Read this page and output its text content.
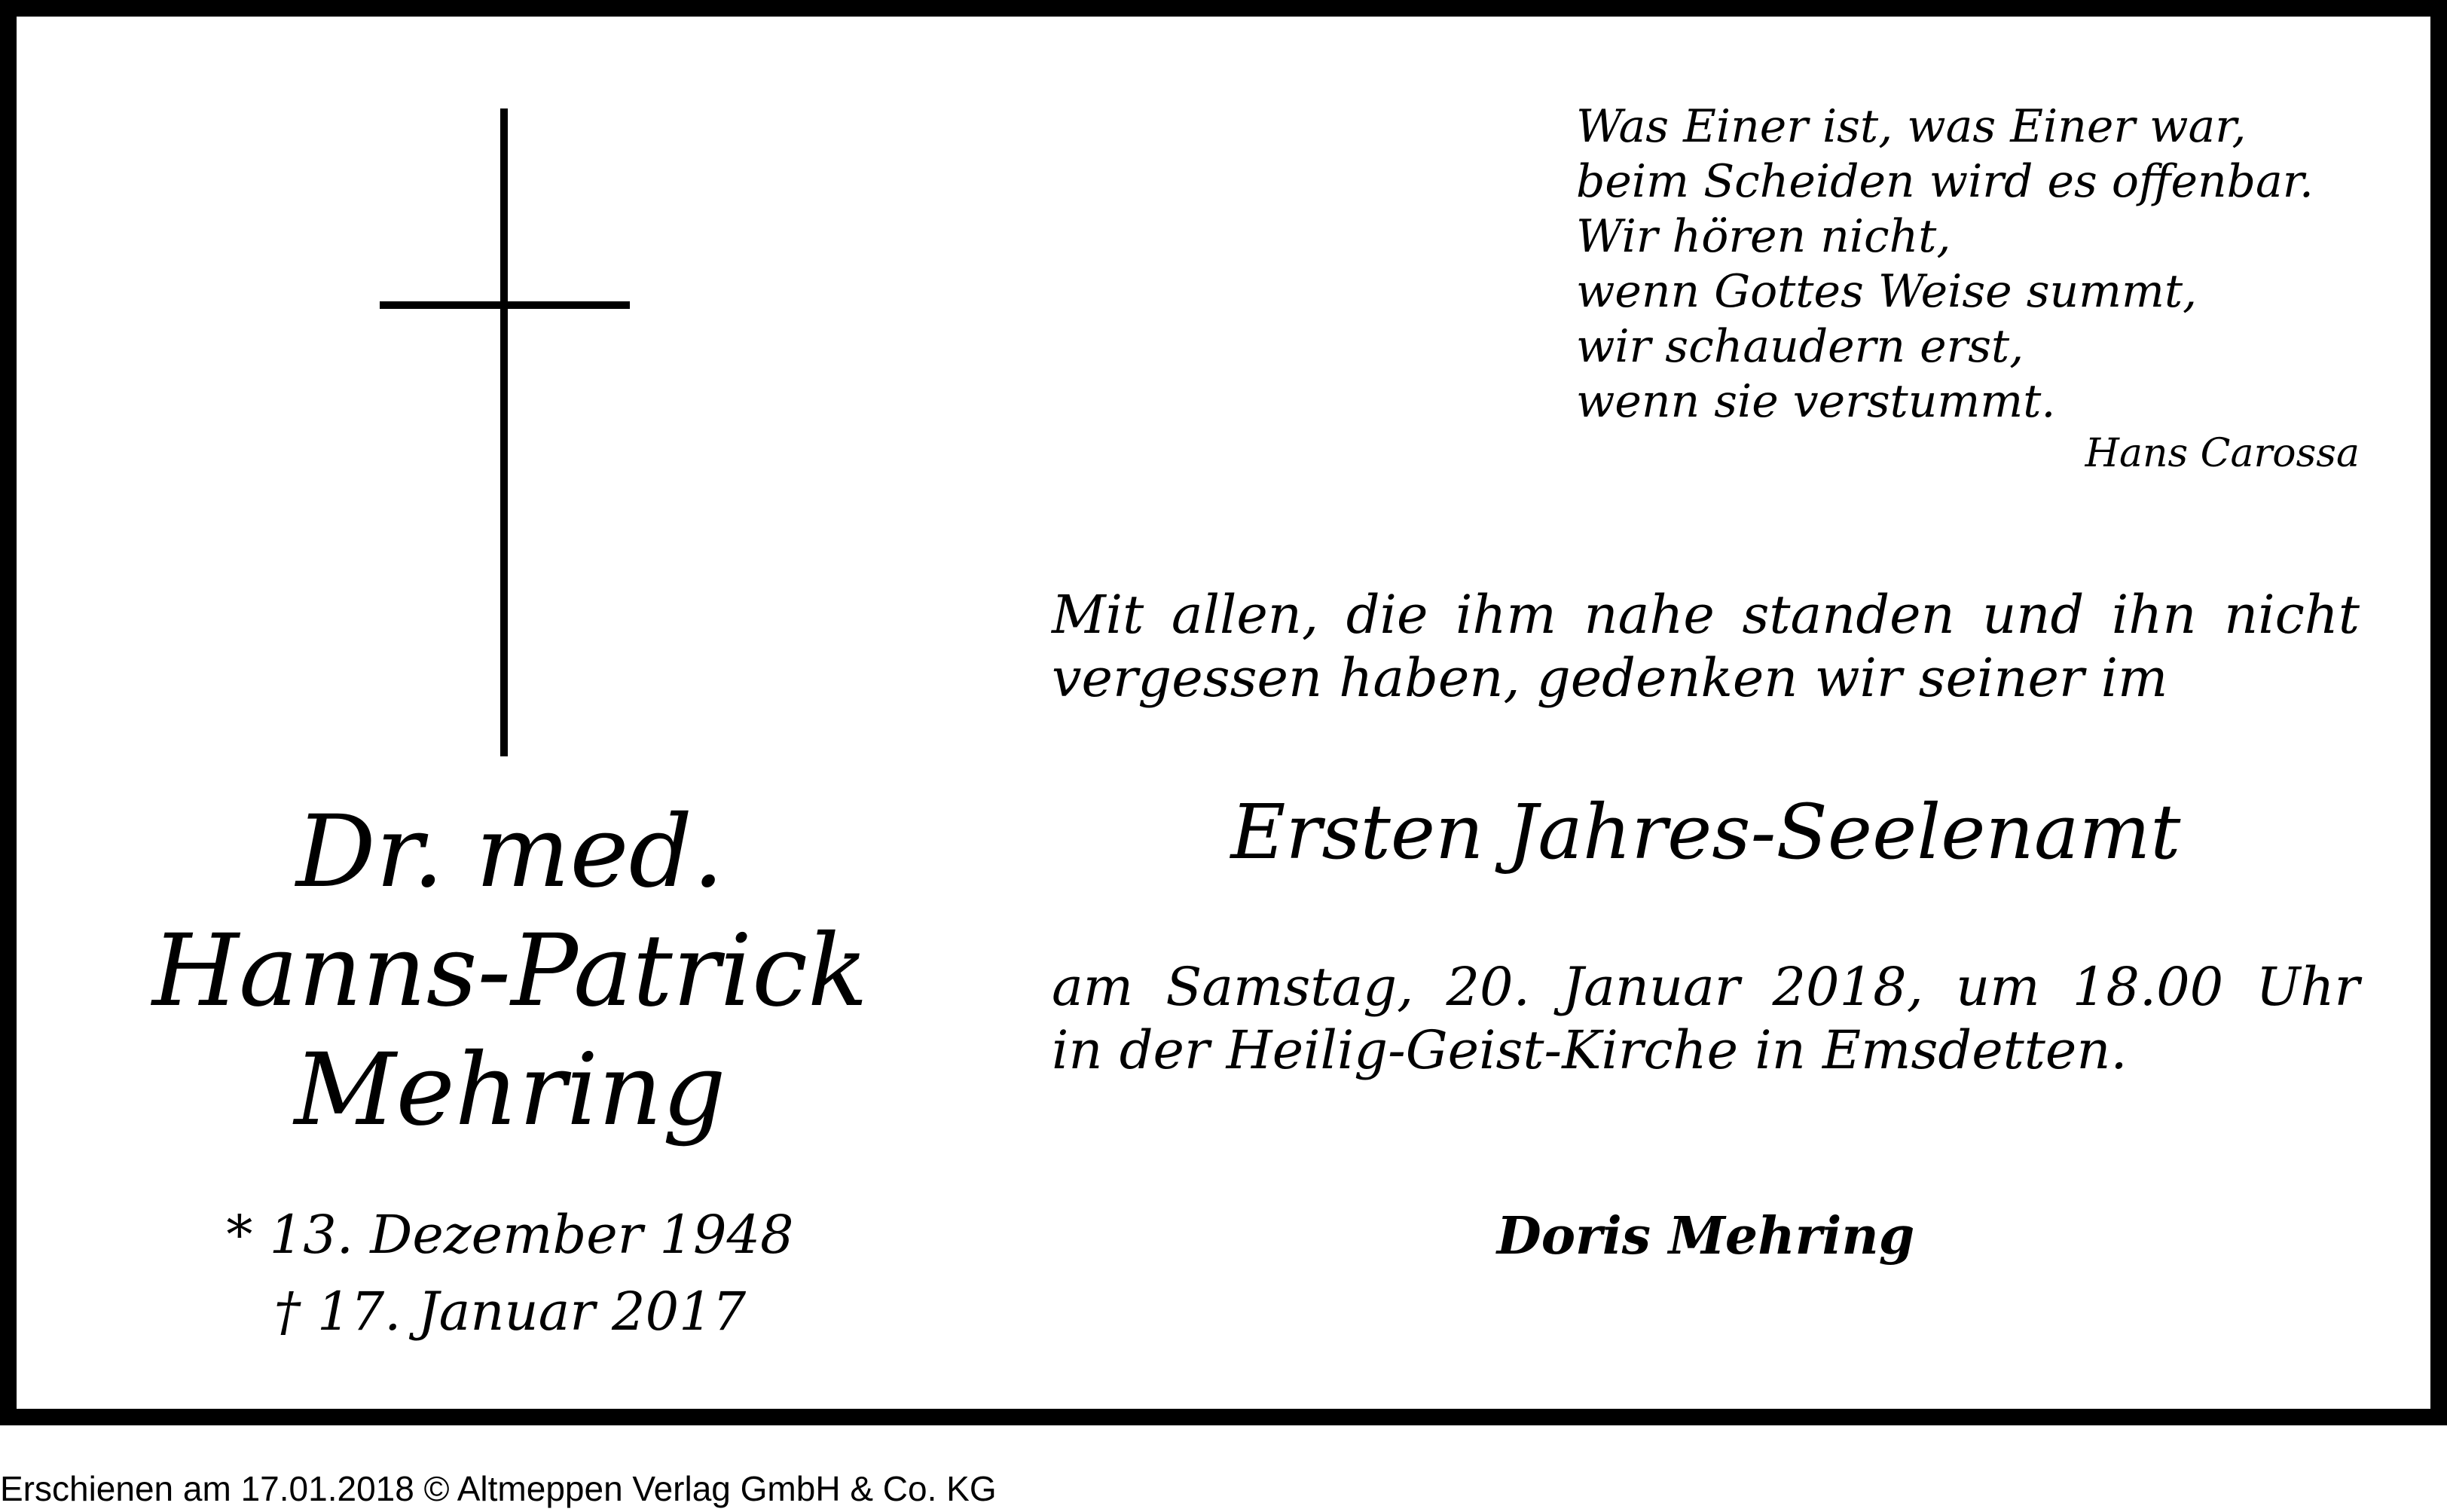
Dr. med.
Hanns-Patrick
Mehring
* 13. Dezember 1948
† 17. Januar 2017
Was Einer ist, was Einer war,
beim Scheiden wird es offenbar.
Wir hören nicht,
wenn Gottes Weise summt,
wir schaudern erst,
wenn sie verstummt.
Hans Carossa
Mit allen, die ihm nahe standen und ihn nicht
vergessen haben, gedenken wir seiner im
Ersten Jahres-Seelenamt
am Samstag, 20. Januar 2018, um 18.00 Uhr
in der Heilig-Geist-Kirche in Emsdetten.
Doris Mehring
Erschienen am 17.01.2018 © Altmeppen Verlag GmbH & Co. KG
